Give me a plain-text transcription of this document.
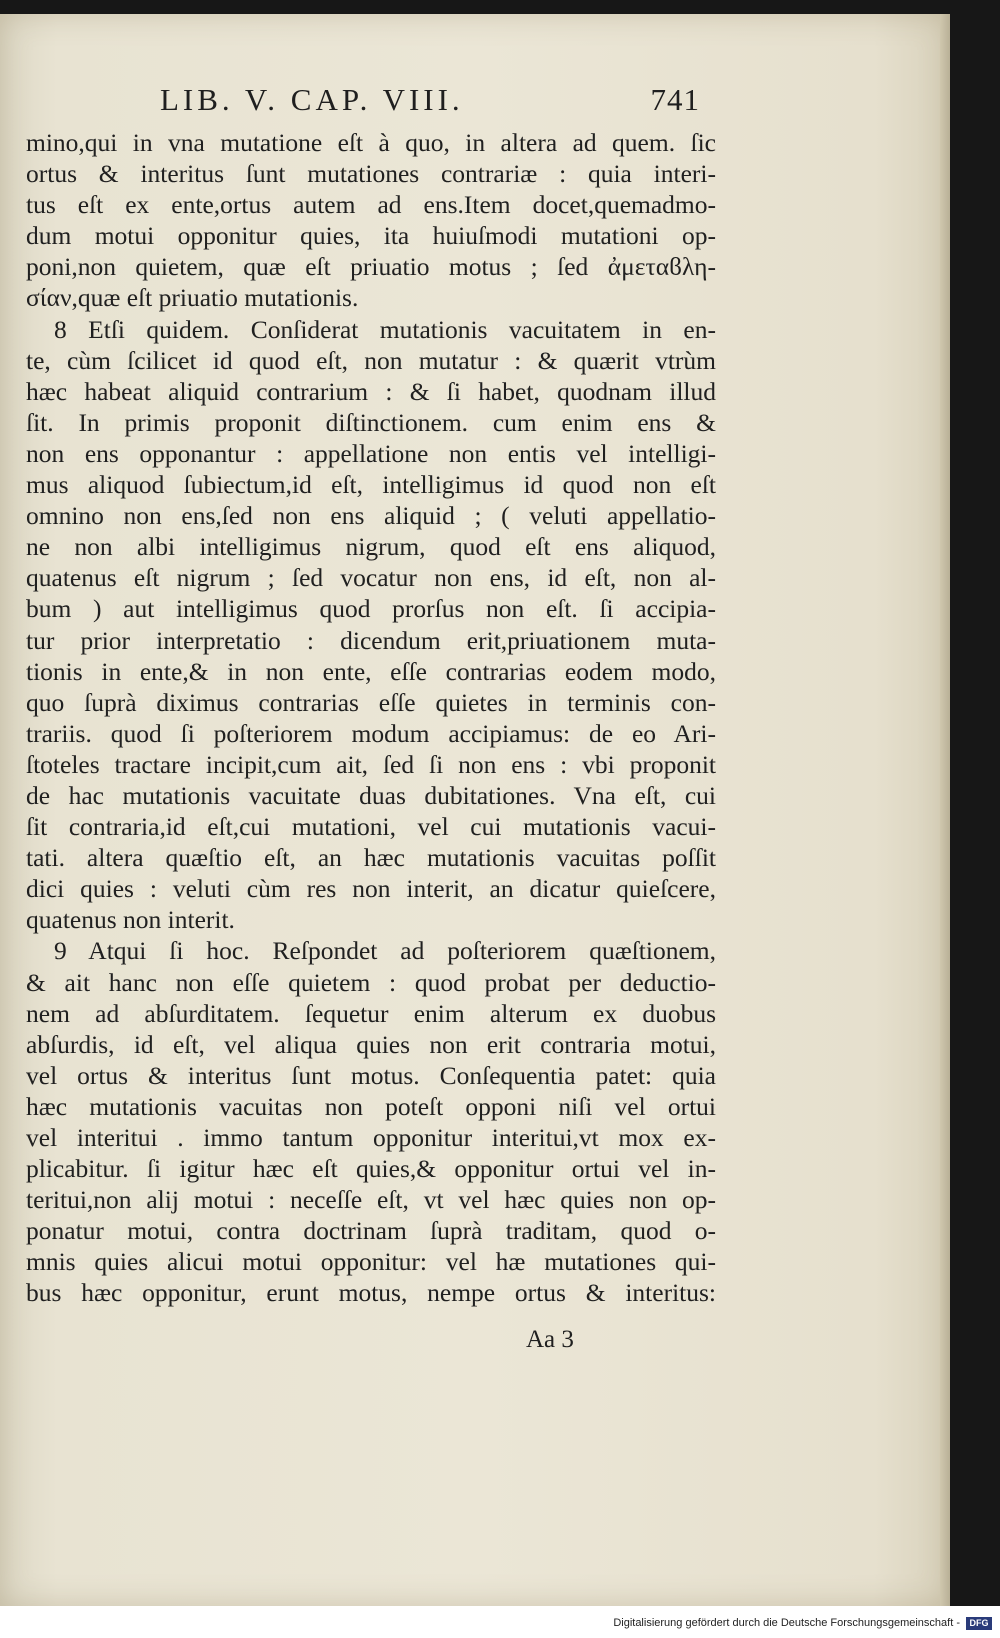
LIB. V. CAP. VIII.	741
mino,qui in vna mutatione eſt à quo, in altera ad quem. ſic
ortus & interitus ſunt mutationes contrariæ : quia interi-
tus eſt ex ente,ortus autem ad ens.Item docet,quemadmo-
dum motui opponitur quies, ita huiuſmodi mutationi op-
poni,non quietem, quæ eſt priuatio motus ; ſed ἀμεταϐλη-
σίαν,quæ eſt priuatio mutationis.
8 Etſi quidem. Conſiderat mutationis vacuitatem in en-
te, cùm ſcilicet id quod eſt, non mutatur : & quærit vtrùm
hæc habeat aliquid contrarium : & ſi habet, quodnam illud
ſit. In primis proponit diſtinctionem. cum enim ens &
non ens opponantur : appellatione non entis vel intelligi-
mus aliquod ſubiectum,id eſt, intelligimus id quod non eſt
omnino non ens,ſed non ens aliquid ; ( veluti appellatio-
ne non albi intelligimus nigrum, quod eſt ens aliquod,
quatenus eſt nigrum ; ſed vocatur non ens, id eſt, non al-
bum ) aut intelligimus quod prorſus non eſt. ſi accipia-
tur prior interpretatio : dicendum erit,priuationem muta-
tionis in ente,& in non ente, eſſe contrarias eodem modo,
quo ſuprà diximus contrarias eſſe quietes in terminis con-
trariis. quod ſi poſteriorem modum accipiamus: de eo Ari-
ſtoteles tractare incipit,cum ait, ſed ſi non ens : vbi proponit
de hac mutationis vacuitate duas dubitationes. Vna eſt, cui
ſit contraria,id eſt,cui mutationi, vel cui mutationis vacui-
tati. altera quæſtio eſt, an hæc mutationis vacuitas poſſit
dici quies : veluti cùm res non interit, an dicatur quieſcere,
quatenus non interit.
9 Atqui ſi hoc. Reſpondet ad poſteriorem quæſtionem,
& ait hanc non eſſe quietem : quod probat per deductio-
nem ad abſurditatem. ſequetur enim alterum ex duobus
abſurdis, id eſt, vel aliqua quies non erit contraria motui,
vel ortus & interitus ſunt motus. Conſequentia patet: quia
hæc mutationis vacuitas non poteſt opponi niſi vel ortui
vel interitui . immo tantum opponitur interitui,vt mox ex-
plicabitur. ſi igitur hæc eſt quies,& opponitur ortui vel in-
teritui,non alij motui : neceſſe eſt, vt vel hæc quies non op-
ponatur motui, contra doctrinam ſuprà traditam, quod o-
mnis quies alicui motui opponitur: vel hæ mutationes qui-
bus hæc opponitur, erunt motus, nempe ortus & interitus:
Aa 3
Digitalisierung gefördert durch die Deutsche Forschungsgemeinschaft -	DFG
